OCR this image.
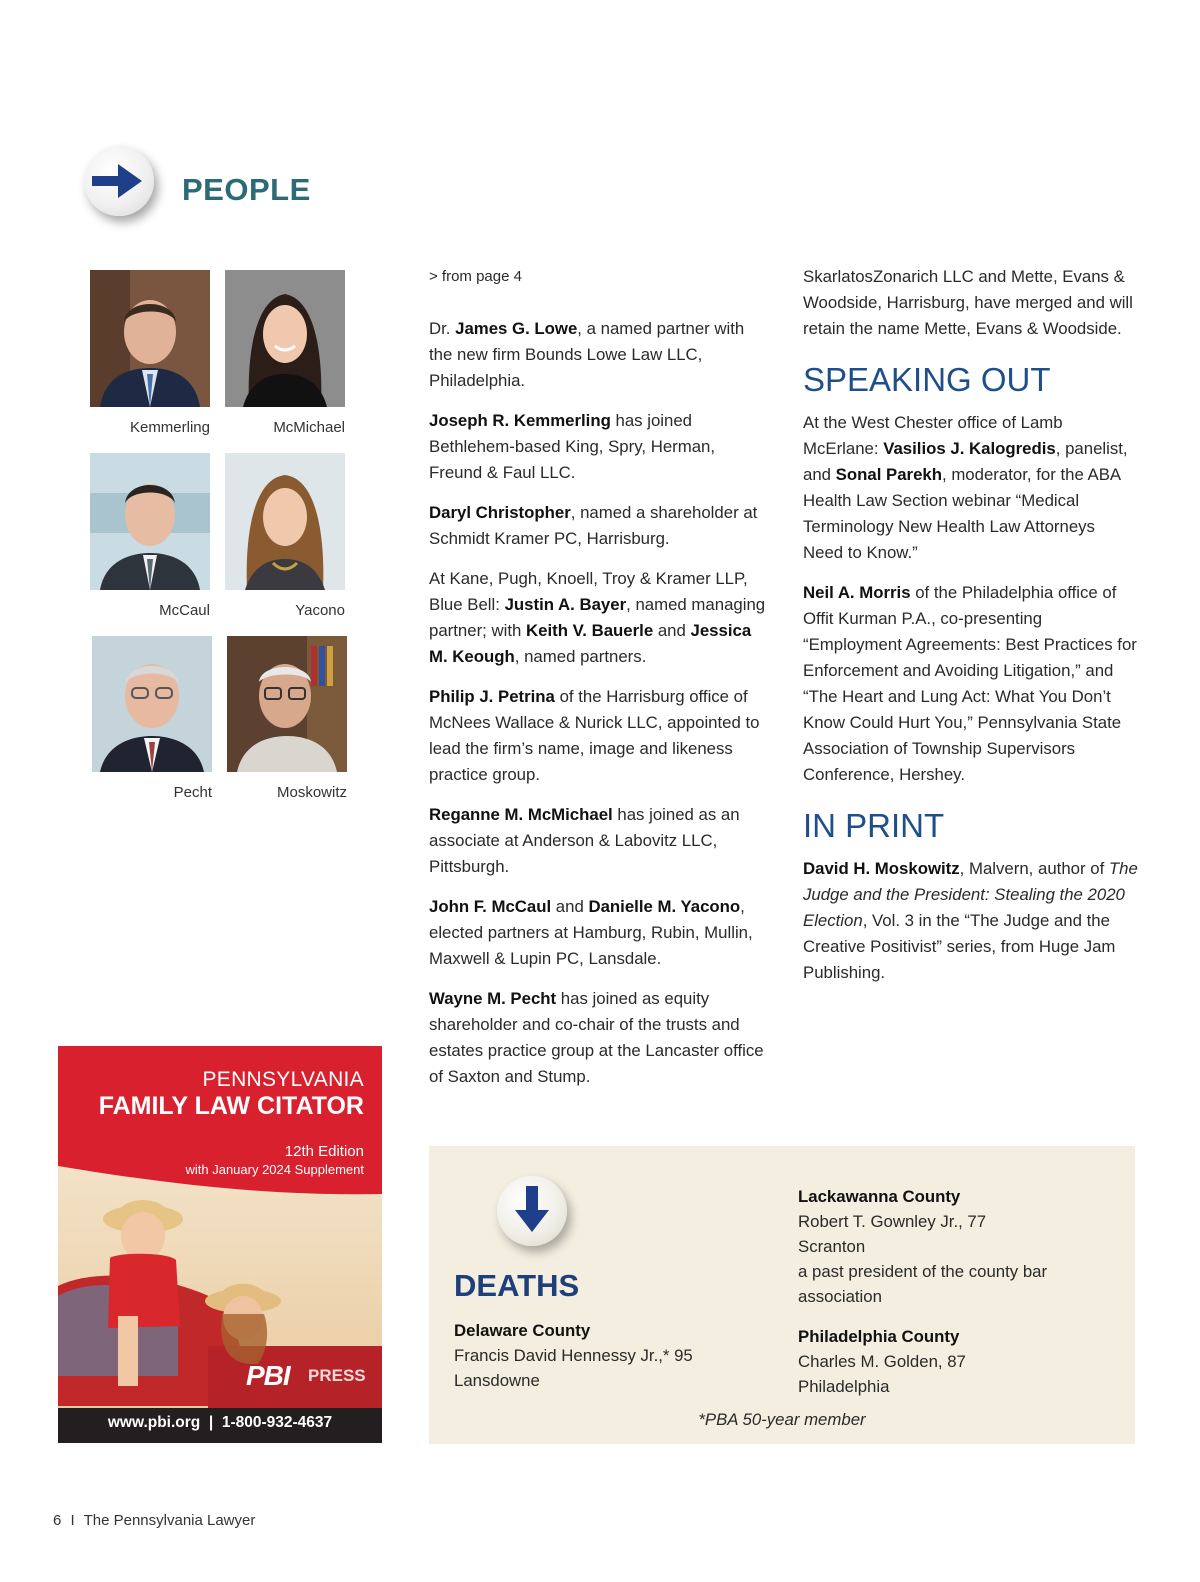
PEOPLE
Kemmerling	McMichael
McCaul	Yacono
Pecht	Moskowitz

> from page 4

Dr. James G. Lowe, a named partner with the new firm Bounds Lowe Law LLC, Philadelphia.

Joseph R. Kemmerling has joined Bethlehem-based King, Spry, Herman, Freund & Faul LLC.

Daryl Christopher, named a shareholder at Schmidt Kramer PC, Harrisburg.

At Kane, Pugh, Knoell, Troy & Kramer LLP, Blue Bell: Justin A. Bayer, named managing partner; with Keith V. Bauerle and Jessica M. Keough, named partners.

Philip J. Petrina of the Harrisburg office of McNees Wallace & Nurick LLC, appointed to lead the firm’s name, image and likeness practice group.

Reganne M. McMichael has joined as an associate at Anderson & Labovitz LLC, Pittsburgh.

John F. McCaul and Danielle M. Yacono, elected partners at Hamburg, Rubin, Mullin, Maxwell & Lupin PC, Lansdale.

Wayne M. Pecht has joined as equity shareholder and co-chair of the trusts and estates practice group at the Lancaster office of Saxton and Stump.

SkarlatosZonarich LLC and Mette, Evans & Woodside, Harrisburg, have merged and will retain the name Mette, Evans & Woodside.

SPEAKING OUT

At the West Chester office of Lamb McErlane: Vasilios J. Kalogredis, panelist, and Sonal Parekh, moderator, for the ABA Health Law Section webinar “Medical Terminology New Health Law Attorneys Need to Know.”

Neil A. Morris of the Philadelphia office of Offit Kurman P.A., co-presenting “Employment Agreements: Best Practices for Enforcement and Avoiding Litigation,” and “The Heart and Lung Act: What You Don’t Know Could Hurt You,” Pennsylvania State Association of Township Supervisors Conference, Hershey.

IN PRINT

David H. Moskowitz, Malvern, author of The Judge and the President: Stealing the 2020 Election, Vol. 3 in the “The Judge and the Creative Positivist” series, from Huge Jam Publishing.

PENNSYLVANIA
FAMILY LAW CITATOR
12th Edition
with January 2024 Supplement
PBI PRESS
www.pbi.org  |  1-800-932-4637
DEATHS
Delaware County
Francis David Hennessy Jr.,* 95
Lansdowne
Lackawanna County
Robert T. Gownley Jr., 77
Scranton
a past president of the county bar association
Philadelphia County
Charles M. Golden, 87
Philadelphia
*PBA 50-year member
6 I The Pennsylvania Lawyer
